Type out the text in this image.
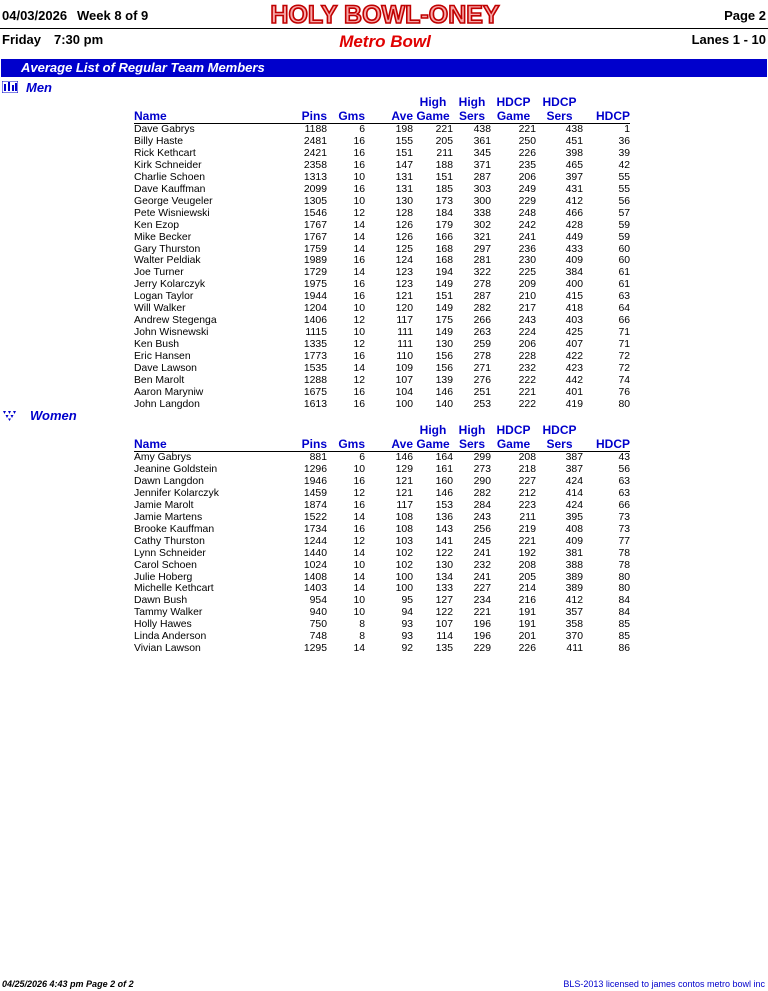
04/03/2026 Week 8 of 9	HOLY BOWL-ONEY	Page 2
Friday 7:30 pm	Metro Bowl	Lanes 1 - 10
Average List of Regular Team Members
Men
				High	High	HDCP	HDCP	
Name	Pins	Gms	Ave	Game	Sers	Game	Sers	HDCP
Dave Gabrys	1188	6	198	221	438	221	438	1
Billy Haste	2481	16	155	205	361	250	451	36
Rick Kethcart	2421	16	151	211	345	226	398	39
Kirk Schneider	2358	16	147	188	371	235	465	42
Charlie Schoen	1313	10	131	151	287	206	397	55
Dave Kauffman	2099	16	131	185	303	249	431	55
George Veugeler	1305	10	130	173	300	229	412	56
Pete Wisniewski	1546	12	128	184	338	248	466	57
Ken Ezop	1767	14	126	179	302	242	428	59
Mike Becker	1767	14	126	166	321	241	449	59
Gary Thurston	1759	14	125	168	297	236	433	60
Walter Peldiak	1989	16	124	168	281	230	409	60
Joe Turner	1729	14	123	194	322	225	384	61
Jerry Kolarczyk	1975	16	123	149	278	209	400	61
Logan Taylor	1944	16	121	151	287	210	415	63
Will Walker	1204	10	120	149	282	217	418	64
Andrew Stegenga	1406	12	117	175	266	243	403	66
John Wisnewski	1115	10	111	149	263	224	425	71
Ken Bush	1335	12	111	130	259	206	407	71
Eric Hansen	1773	16	110	156	278	228	422	72
Dave Lawson	1535	14	109	156	271	232	423	72
Ben Marolt	1288	12	107	139	276	222	442	74
Aaron Maryniw	1675	16	104	146	251	221	401	76
John Langdon	1613	16	100	140	253	222	419	80
Women
				High	High	HDCP	HDCP	
Name	Pins	Gms	Ave	Game	Sers	Game	Sers	HDCP
Amy Gabrys	881	6	146	164	299	208	387	43
Jeanine Goldstein	1296	10	129	161	273	218	387	56
Dawn Langdon	1946	16	121	160	290	227	424	63
Jennifer Kolarczyk	1459	12	121	146	282	212	414	63
Jamie Marolt	1874	16	117	153	284	223	424	66
Jamie Martens	1522	14	108	136	243	211	395	73
Brooke Kauffman	1734	16	108	143	256	219	408	73
Cathy Thurston	1244	12	103	141	245	221	409	77
Lynn Schneider	1440	14	102	122	241	192	381	78
Carol Schoen	1024	10	102	130	232	208	388	78
Julie Hoberg	1408	14	100	134	241	205	389	80
Michelle Kethcart	1403	14	100	133	227	214	389	80
Dawn Bush	954	10	95	127	234	216	412	84
Tammy Walker	940	10	94	122	221	191	357	84
Holly Hawes	750	8	93	107	196	191	358	85
Linda Anderson	748	8	93	114	196	201	370	85
Vivian Lawson	1295	14	92	135	229	226	411	86
04/25/2026 4:43 pm Page 2 of 2	BLS-2013 licensed to james contos metro bowl inc
